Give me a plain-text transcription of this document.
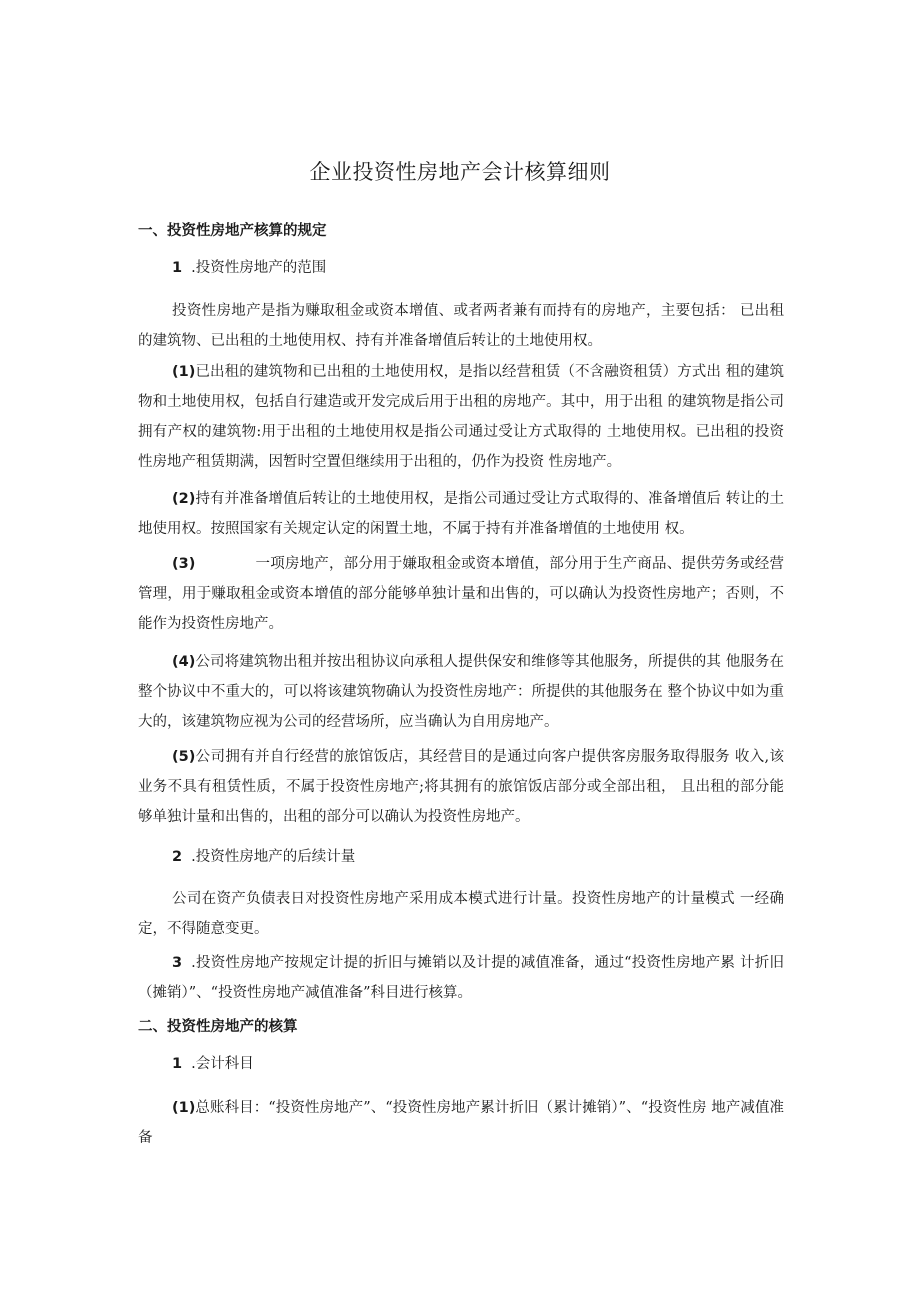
企业投资性房地产会计核算细则

一、投资性房地产核算的规定

1 .投资性房地产的范围

投资性房地产是指为赚取租金或资本增值、或者两者兼有而持有的房地产，主要包括： 已出租的建筑物、已出租的土地使用权、持有并准备增值后转让的土地使用权。

(1)已出租的建筑物和已出租的土地使用权，是指以经营租赁（不含融资租赁）方式出 租的建筑物和土地使用权，包括自行建造或开发完成后用于出租的房地产。其中，用于出租 的建筑物是指公司拥有产权的建筑物:用于出租的土地使用权是指公司通过受让方式取得的 土地使用权。已出租的投资性房地产租赁期满，因暂时空置但继续用于出租的，仍作为投资 性房地产。

(2)持有并准备增值后转让的土地使用权，是指公司通过受让方式取得的、准备增值后 转让的土地使用权。按照国家有关规定认定的闲置土地，不属于持有并准备增值的土地使用 权。

(3)	一项房地产，部分用于嫌取租金或资本增值，部分用于生产商品、提供劳务或经营 管理，用于赚取租金或资本增值的部分能够单独计量和出售的，可以确认为投资性房地产；否则，不能作为投资性房地产。

(4)公司将建筑物出租并按出租协议向承租人提供保安和维修等其他服务，所提供的其 他服务在整个协议中不重大的，可以将该建筑物确认为投资性房地产：所提供的其他服务在 整个协议中如为重大的，该建筑物应视为公司的经营场所，应当确认为自用房地产。

(5)公司拥有并自行经营的旅馆饭店，其经营目的是通过向客户提供客房服务取得服务 收入,该业务不具有租赁性质，不属于投资性房地产;将其拥有的旅馆饭店部分或全部出租， 且出租的部分能够单独计量和出售的，出租的部分可以确认为投资性房地产。

2 .投资性房地产的后续计量

公司在资产负债表日对投资性房地产采用成本模式进行计量。投资性房地产的计量模式 一经确定，不得随意变更。

3 .投资性房地产按规定计提的折旧与摊销以及计提的减值准备，通过“投资性房地产累 计折旧（摊销）”、“投资性房地产减值准备”科目进行核算。

二、投资性房地产的核算

1 .会计科目

(1)总账科目：“投资性房地产”、“投资性房地产累计折旧（累计摊销）”、“投资性房 地产减值准备
